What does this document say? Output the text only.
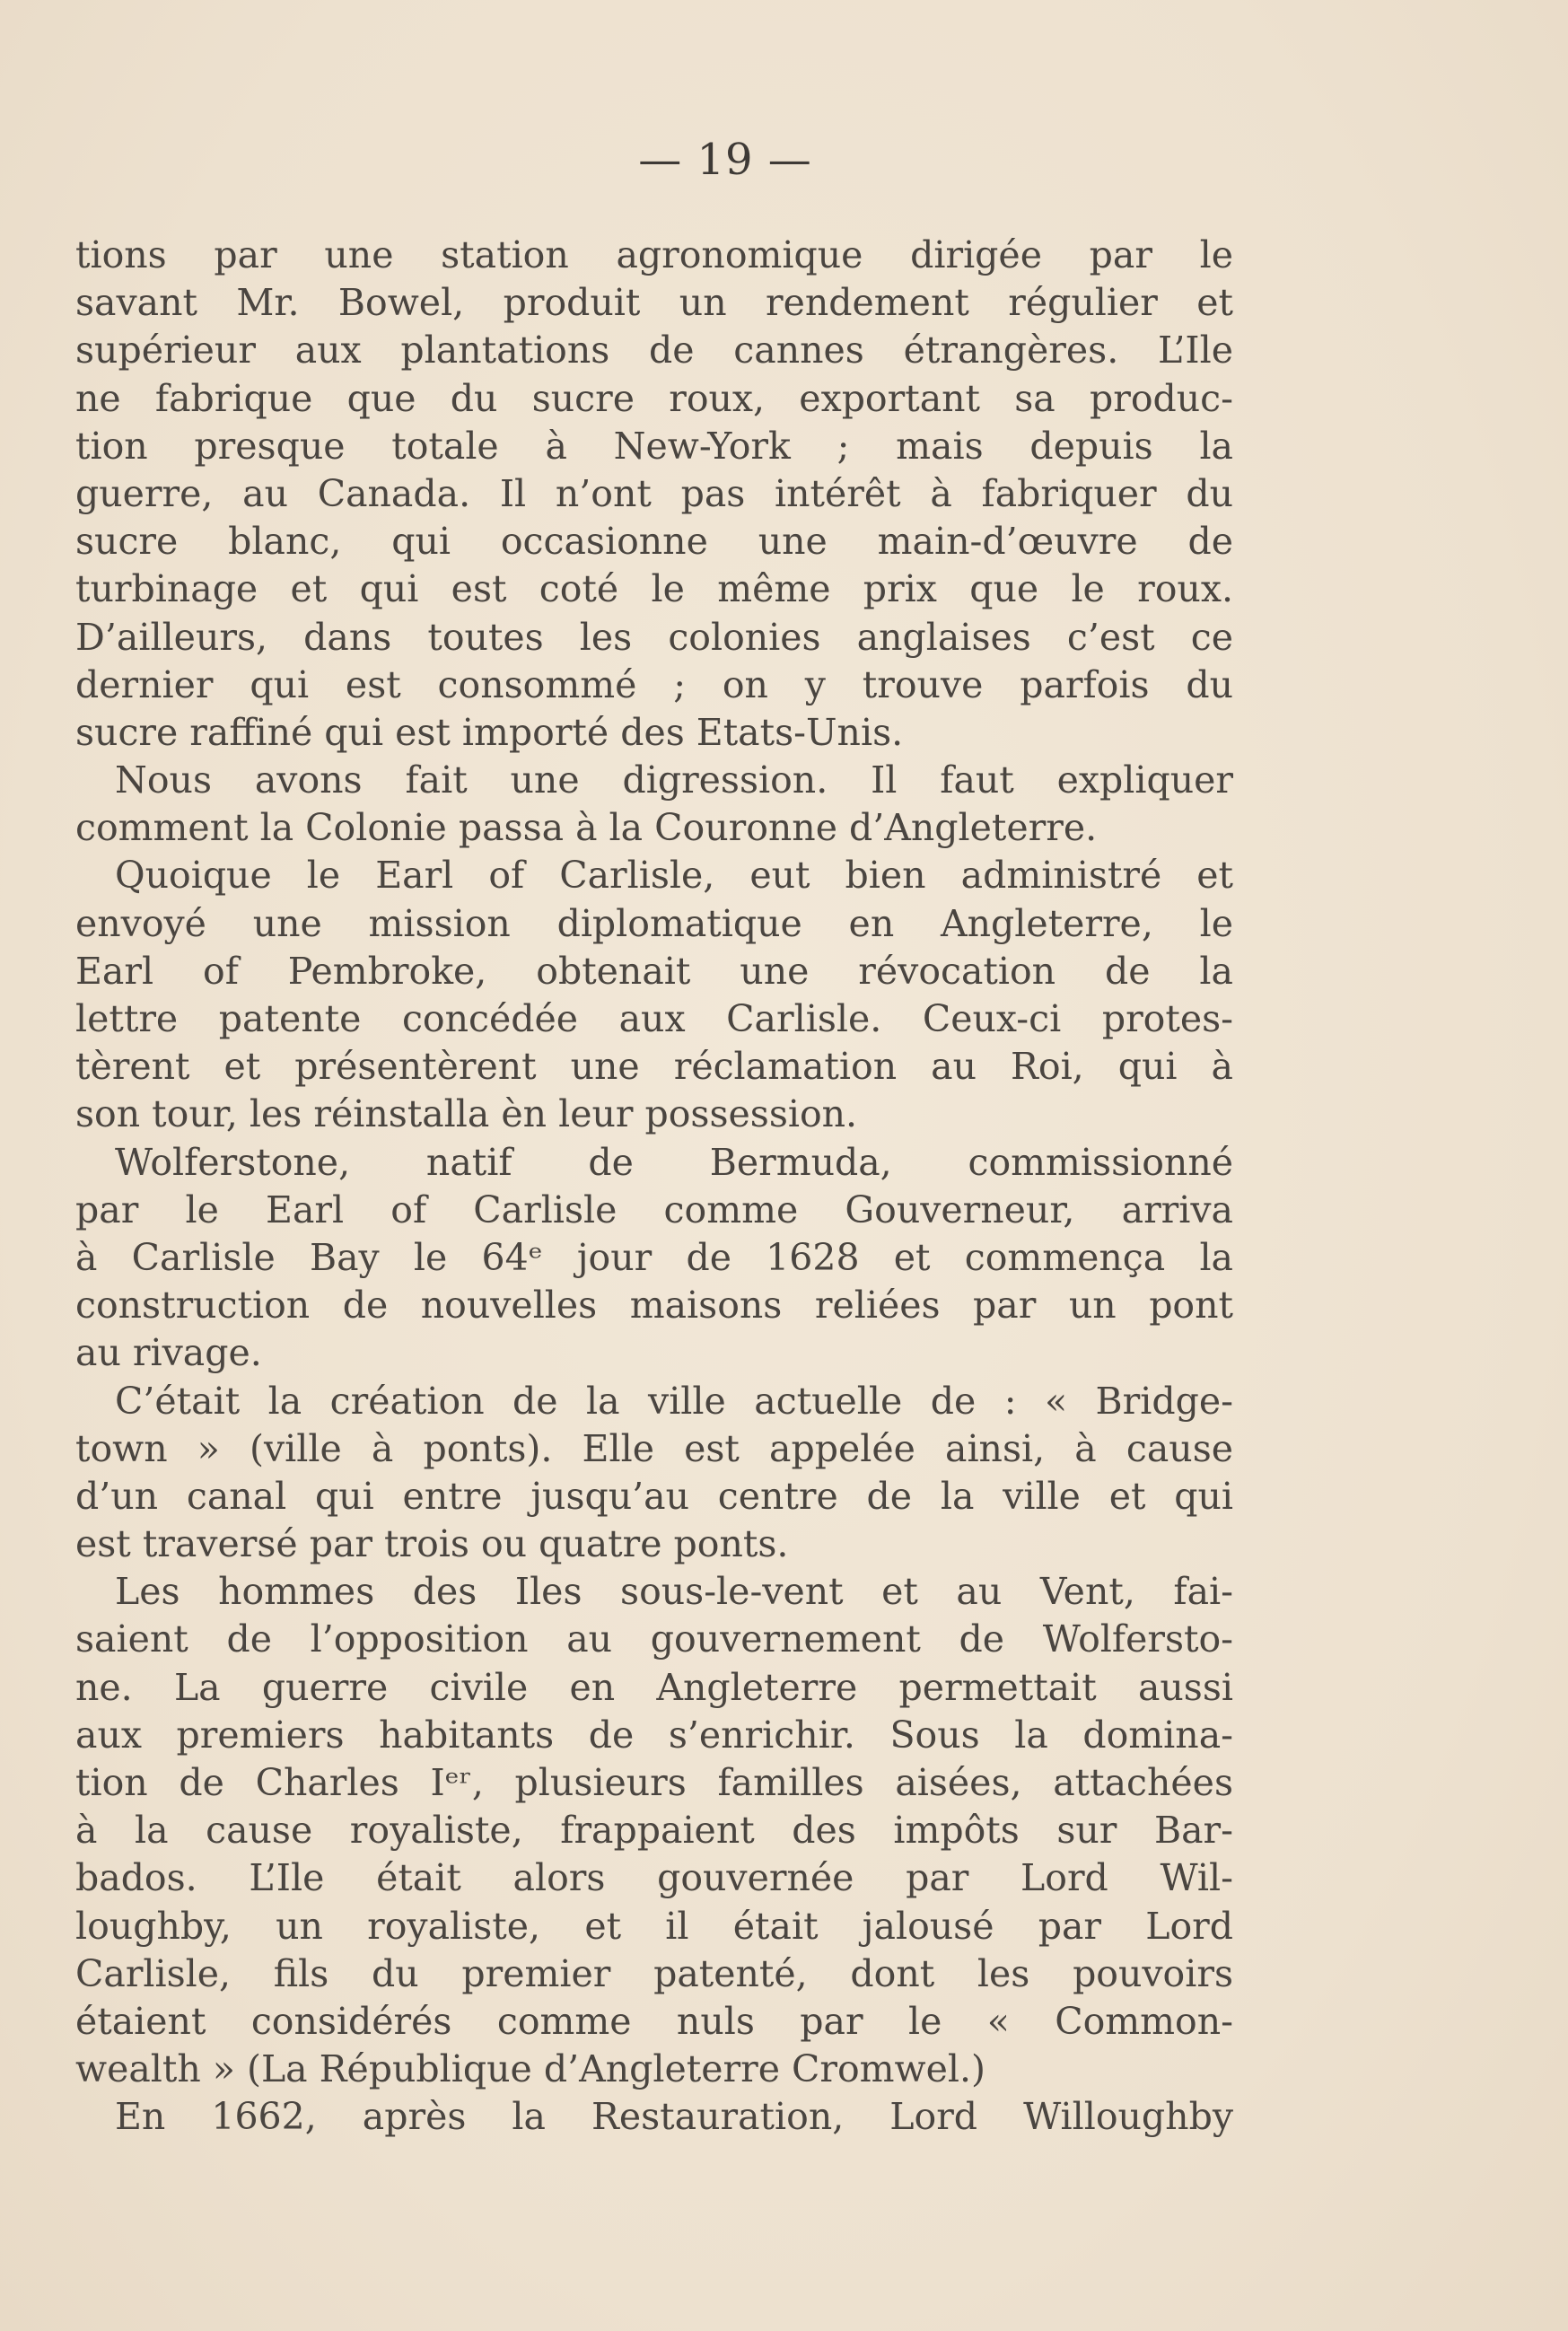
— 19 —
tions par une station agronomique dirigée par le
savant Mr. Bowel, produit un rendement régulier et
supérieur aux plantations de cannes étrangères. L’Ile
ne fabrique que du sucre roux, exportant sa produc-
tion presque totale à New-York ; mais depuis la
guerre, au Canada. Il n’ont pas intérêt à fabriquer du
sucre blanc, qui occasionne une main-d’œuvre de
turbinage et qui est coté le même prix que le roux.
D’ailleurs, dans toutes les colonies anglaises c’est ce
dernier qui est consommé ; on y trouve parfois du
sucre raffiné qui est importé des Etats-Unis.
Nous avons fait une digression. Il faut expliquer
comment la Colonie passa à la Couronne d’Angleterre.
Quoique le Earl of Carlisle, eut bien administré et
envoyé une mission diplomatique en Angleterre, le
Earl of Pembroke, obtenait une révocation de la
lettre patente concédée aux Carlisle. Ceux-ci protes-
tèrent et présentèrent une réclamation au Roi, qui à
son tour, les réinstalla èn leur possession.
Wolferstone, natif de Bermuda, commissionné
par le Earl of Carlisle comme Gouverneur, arriva
à Carlisle Bay le 64ᵉ jour de 1628 et commença la
construction de nouvelles maisons reliées par un pont
au rivage.
C’était la création de la ville actuelle de : « Bridge-
town » (ville à ponts). Elle est appelée ainsi, à cause
d’un canal qui entre jusqu’au centre de la ville et qui
est traversé par trois ou quatre ponts.
Les hommes des Iles sous-le-vent et au Vent, fai-
saient de l’opposition au gouvernement de Wolfersto-
ne. La guerre civile en Angleterre permettait aussi
aux premiers habitants de s’enrichir. Sous la domina-
tion de Charles Iᵉʳ, plusieurs familles aisées, attachées
à la cause royaliste, frappaient des impôts sur Bar-
bados. L’Ile était alors gouvernée par Lord Wil-
loughby, un royaliste, et il était jalousé par Lord
Carlisle, fils du premier patenté, dont les pouvoirs
étaient considérés comme nuls par le « Common-
wealth » (La République d’Angleterre Cromwel.)
En 1662, après la Restauration, Lord Willoughby
